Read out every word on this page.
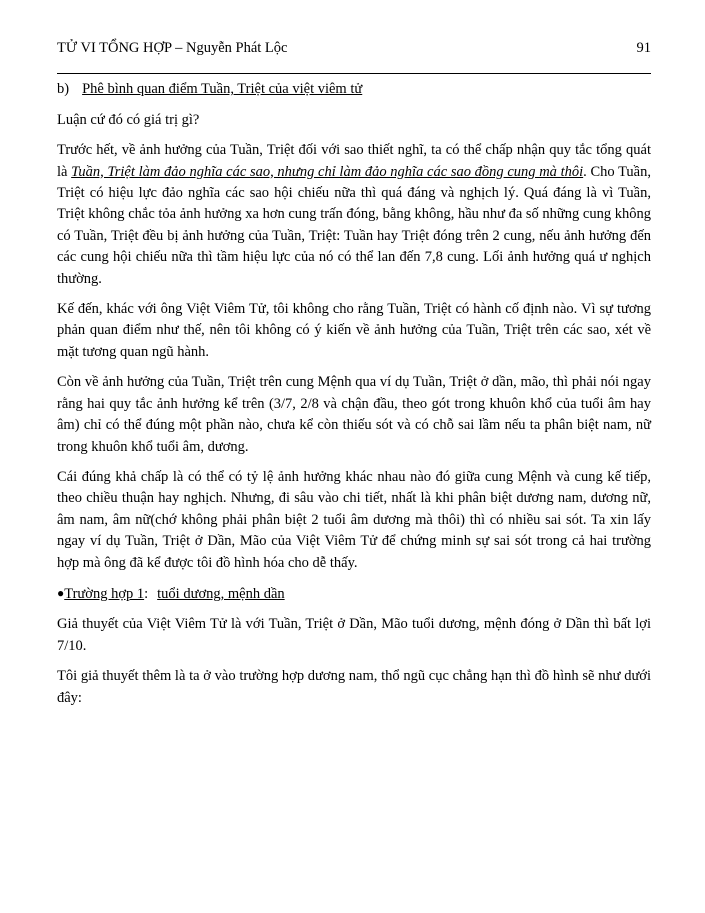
TỬ VI TỔNG HỢP – Nguyễn Phát Lộc	91
b) Phê bình quan điểm Tuần, Triệt của việt viêm tử

Luận cứ đó có giá trị gì?

Trước hết, về ảnh hưởng của Tuần, Triệt đối với sao thiết nghĩ, ta có thể chấp nhận quy tắc tổng quát là Tuần, Triệt làm đảo nghĩa các sao, nhưng chỉ làm đảo nghĩa các sao đồng cung mà thôi. Cho Tuần, Triệt có hiệu lực đảo nghĩa các sao hội chiếu nữa thì quá đáng và nghịch lý. Quá đáng là vì Tuần, Triệt không chắc tỏa ảnh hưởng xa hơn cung trấn đóng, bằng không, hầu như đa số những cung không có Tuần, Triệt đều bị ảnh hưởng của Tuần, Triệt: Tuần hay Triệt đóng trên 2 cung, nếu ảnh hưởng đến các cung hội chiếu nữa thì tầm hiệu lực của nó có thể lan đến 7,8 cung. Lối ảnh hưởng quá ư nghịch thường.

Kế đến, khác với ông Việt Viêm Tử, tôi không cho rằng Tuần, Triệt có hành cố định nào. Vì sự tương phản quan điểm như thế, nên tôi không có ý kiến về ảnh hưởng của Tuần, Triệt trên các sao, xét về mặt tương quan ngũ hành.

Còn về ảnh hưởng của Tuần, Triệt trên cung Mệnh qua ví dụ Tuần, Triệt ở dần, mão, thì phải nói ngay rằng hai quy tắc ảnh hưởng kể trên (3/7, 2/8 và chận đầu, theo gót trong khuôn khổ của tuổi âm hay âm) chỉ có thể đúng một phần nào, chưa kể còn thiếu sót và có chỗ sai lầm nếu ta phân biệt nam, nữ trong khuôn khổ tuổi âm, dương.

Cái đúng khả chấp là có thể có tỷ lệ ảnh hưởng khác nhau nào đó giữa cung Mệnh và cung kế tiếp, theo chiều thuận hay nghịch. Nhưng, đi sâu vào chi tiết, nhất là khi phân biệt dương nam, dương nữ, âm nam, âm nữ(chớ không phải phân biệt 2 tuổi âm dương mà thôi) thì có nhiều sai sót. Ta xin lấy ngay ví dụ Tuần, Triệt ở Dần, Mão của Việt Viêm Tử để chứng minh sự sai sót trong cả hai trường hợp mà ông đã kể được tôi đồ hình hóa cho dễ thấy.

●Trường hợp 1: tuổi dương, mệnh dần

Giả thuyết của Việt Viêm Tử là với Tuần, Triệt ở Dần, Mão tuổi dương, mệnh đóng ở Dần thì bất lợi 7/10.

Tôi giả thuyết thêm là ta ở vào trường hợp dương nam, thổ ngũ cục chẳng hạn thì đồ hình sẽ như dưới đây:
